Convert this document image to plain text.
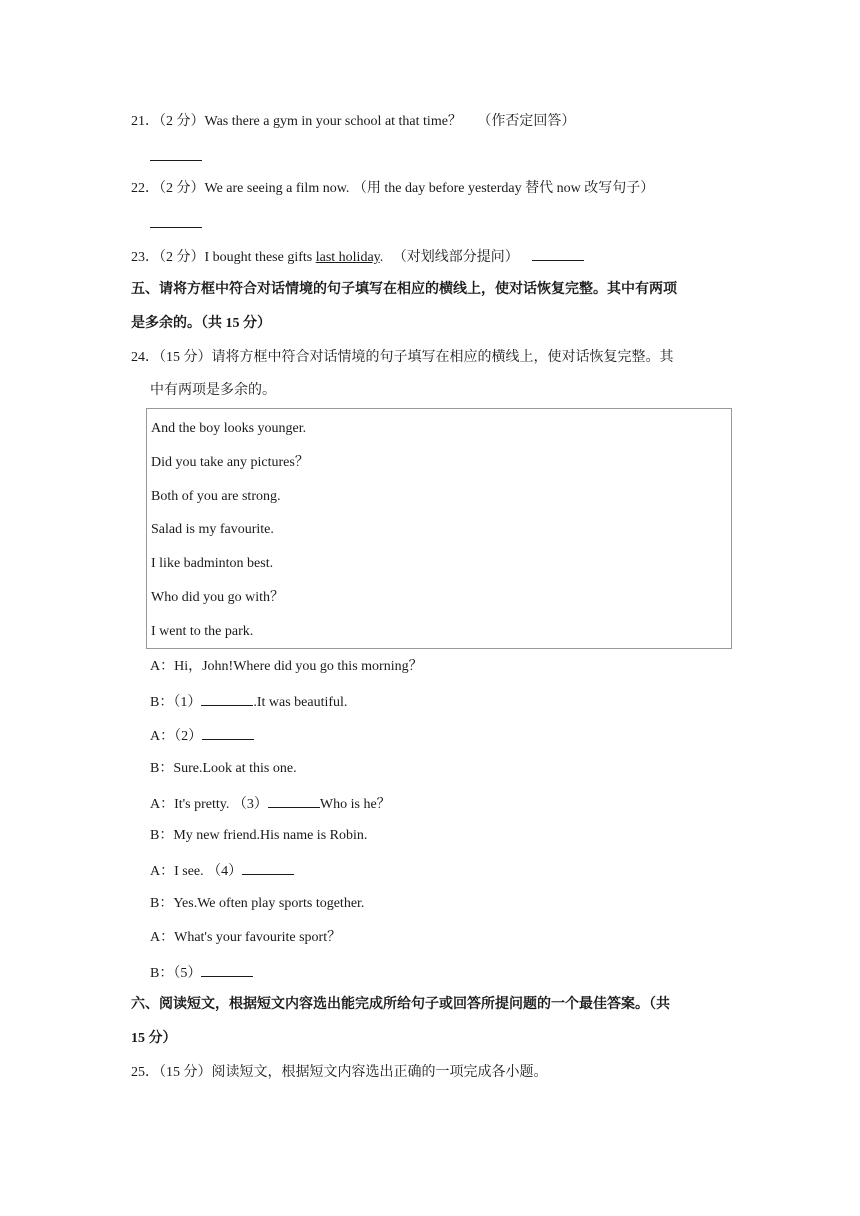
21．（2 分）Was there a gym in your school at that time？ （作否定回答）
22．（2 分）We are seeing a film now. （用 the day before yesterday 替代 now 改写句子）
23．（2 分）I bought these gifts last holiday. （对划线部分提问）
五、请将方框中符合对话情境的句子填写在相应的横线上，使对话恢复完整。其中有两项
是多余的。（共 15 分）
24．（15 分）请将方框中符合对话情境的句子填写在相应的横线上，使对话恢复完整。其
中有两项是多余的。
And the boy looks younger.
Did you take any pictures？
Both of you are strong.
Salad is my favourite.
I like badminton best.
Who did you go with？
I went to the park.
A：Hi，John!Where did you go this morning？
B：（1）	.It was beautiful.
A：（2）
B：Sure.Look at this one.
A：It's pretty. （3）	Who is he？
B：My new friend.His name is Robin.
A：I see. （4）
B：Yes.We often play sports together.
A：What's your favourite sport？
B：（5）
六、阅读短文，根据短文内容选出能完成所给句子或回答所提问题的一个最佳答案。（共
15 分）
25．（15 分）阅读短文，根据短文内容选出正确的一项完成各小题。
